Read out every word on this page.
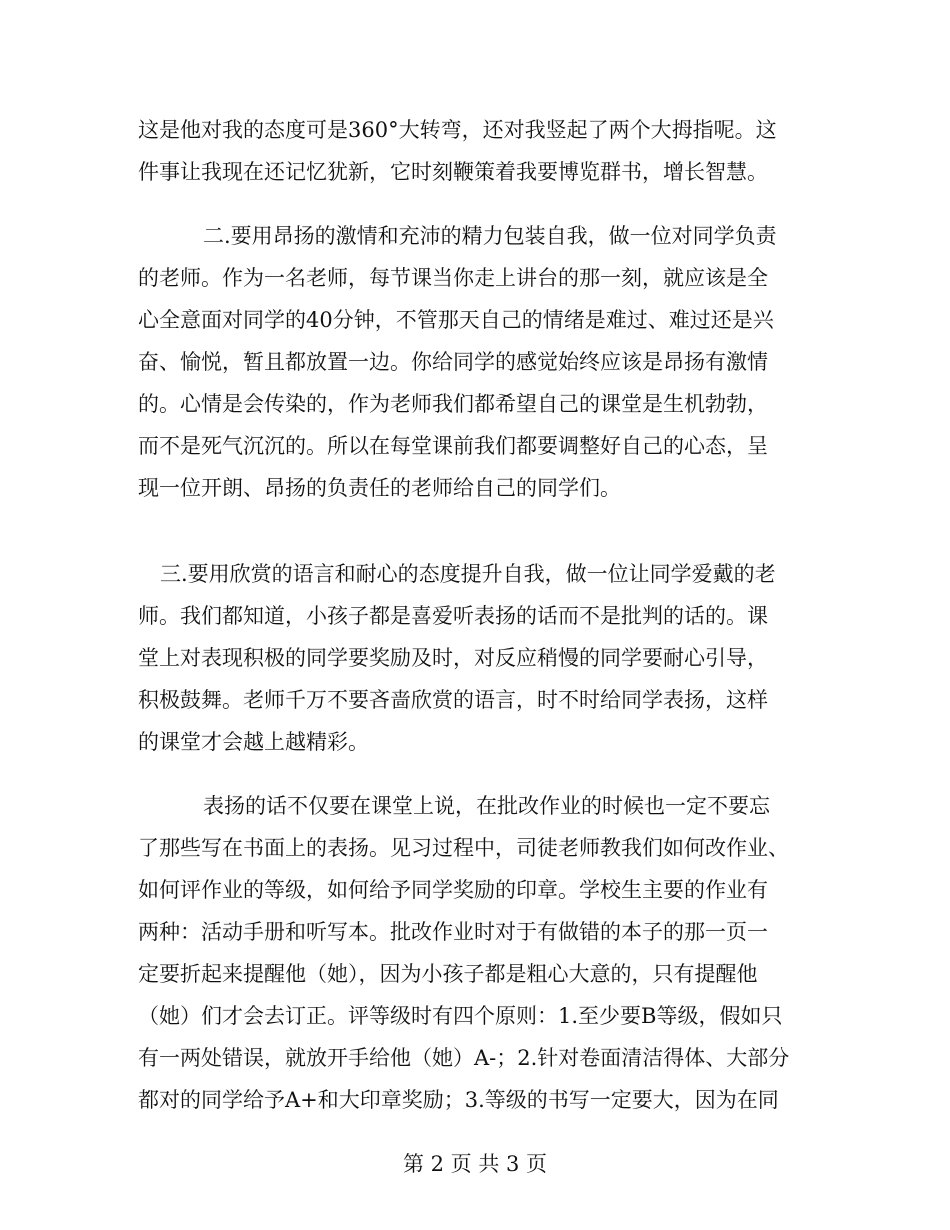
这是他对我的态度可是360°大转弯，还对我竖起了两个大拇指呢。这
件事让我现在还记忆犹新，它时刻鞭策着我要博览群书，增长智慧。
二.要用昂扬的激情和充沛的精力包装自我，做一位对同学负责
的老师。作为一名老师，每节课当你走上讲台的那一刻，就应该是全
心全意面对同学的40分钟，不管那天自己的情绪是难过、难过还是兴
奋、愉悦，暂且都放置一边。你给同学的感觉始终应该是昂扬有激情
的。心情是会传染的，作为老师我们都希望自己的课堂是生机勃勃，
而不是死气沉沉的。所以在每堂课前我们都要调整好自己的心态，呈
现一位开朗、昂扬的负责任的老师给自己的同学们。
三.要用欣赏的语言和耐心的态度提升自我，做一位让同学爱戴的老
师。我们都知道，小孩子都是喜爱听表扬的话而不是批判的话的。课
堂上对表现积极的同学要奖励及时，对反应稍慢的同学要耐心引导，
积极鼓舞。老师千万不要吝啬欣赏的语言，时不时给同学表扬，这样
的课堂才会越上越精彩。
表扬的话不仅要在课堂上说，在批改作业的时候也一定不要忘
了那些写在书面上的表扬。见习过程中，司徒老师教我们如何改作业、
如何评作业的等级，如何给予同学奖励的印章。学校生主要的作业有
两种：活动手册和听写本。批改作业时对于有做错的本子的那一页一
定要折起来提醒他（她），因为小孩子都是粗心大意的，只有提醒他
（她）们才会去订正。评等级时有四个原则：1.至少要B等级，假如只
有一两处错误，就放开手给他（她）A-；2.针对卷面清洁得体、大部分
都对的同学给予A+和大印章奖励；3.等级的书写一定要大，因为在同
第 2 页 共 3 页
